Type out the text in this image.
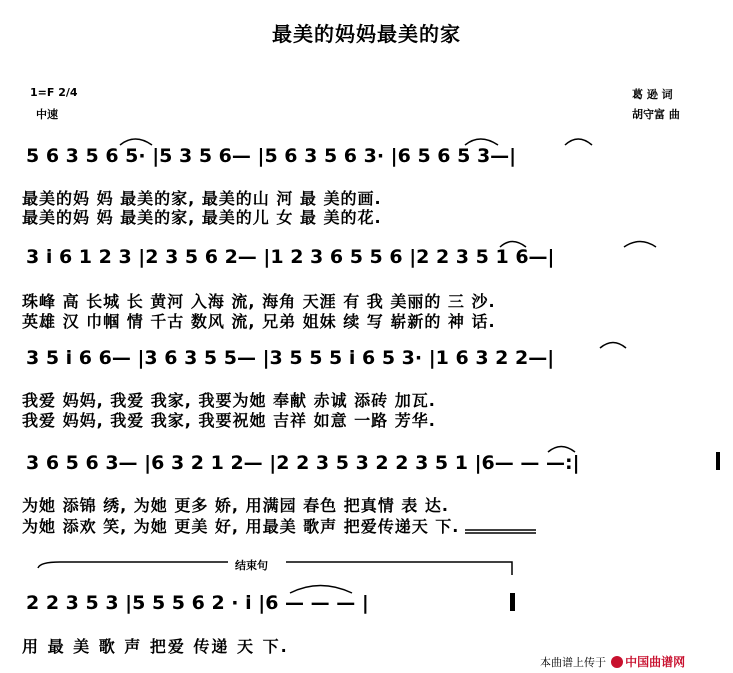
最美的妈妈最美的家
1=F 2/4
中速
葛 逊 词
胡守富 曲
5 6 3 5 6 5· |5 3 5 6— |5 6 3 5 6 3· |6 5 6 5 3—|
最美的妈 妈 最美的家, 最美的山 河 最 美的画.
最美的妈 妈 最美的家, 最美的儿 女 最 美的花.
3 i 6 1 2 3 |2 3 5 6 2— |1 2 3 6 5 5 6 |2 2 3 5 1 6—|
珠峰 高 长城 长 黄河 入海 流, 海角 天涯 有 我 美丽的 三 沙.
英雄 汉 巾帼 情 千古 数风 流, 兄弟 姐妹 续 写 崭新的 神 话.
3 5 i 6 6— |3 6 3 5 5— |3 5 5 5 i 6 5 3· |1 6 3 2 2—|
我爱 妈妈, 我爱 我家, 我要为她 奉献 赤诚 添砖 加瓦.
我爱 妈妈, 我爱 我家, 我要祝她 吉祥 如意 一路 芳华.
3 6 5 6 3— |6 3 2 1 2— |2 2 3 5 3 2 2 3 5 1 |6— — —:|
为她 添锦 绣, 为她 更多 娇, 用满园 春色 把真情 表 达.
为她 添欢 笑, 为她 更美 好, 用最美 歌声 把爱传递天 下.
结束句
2 2 3 5 3 |5 5 5 6 2 · i |6 — — — |
用 最 美 歌 声 把爱 传递 天 下.
本曲谱上传于 中国曲谱网
